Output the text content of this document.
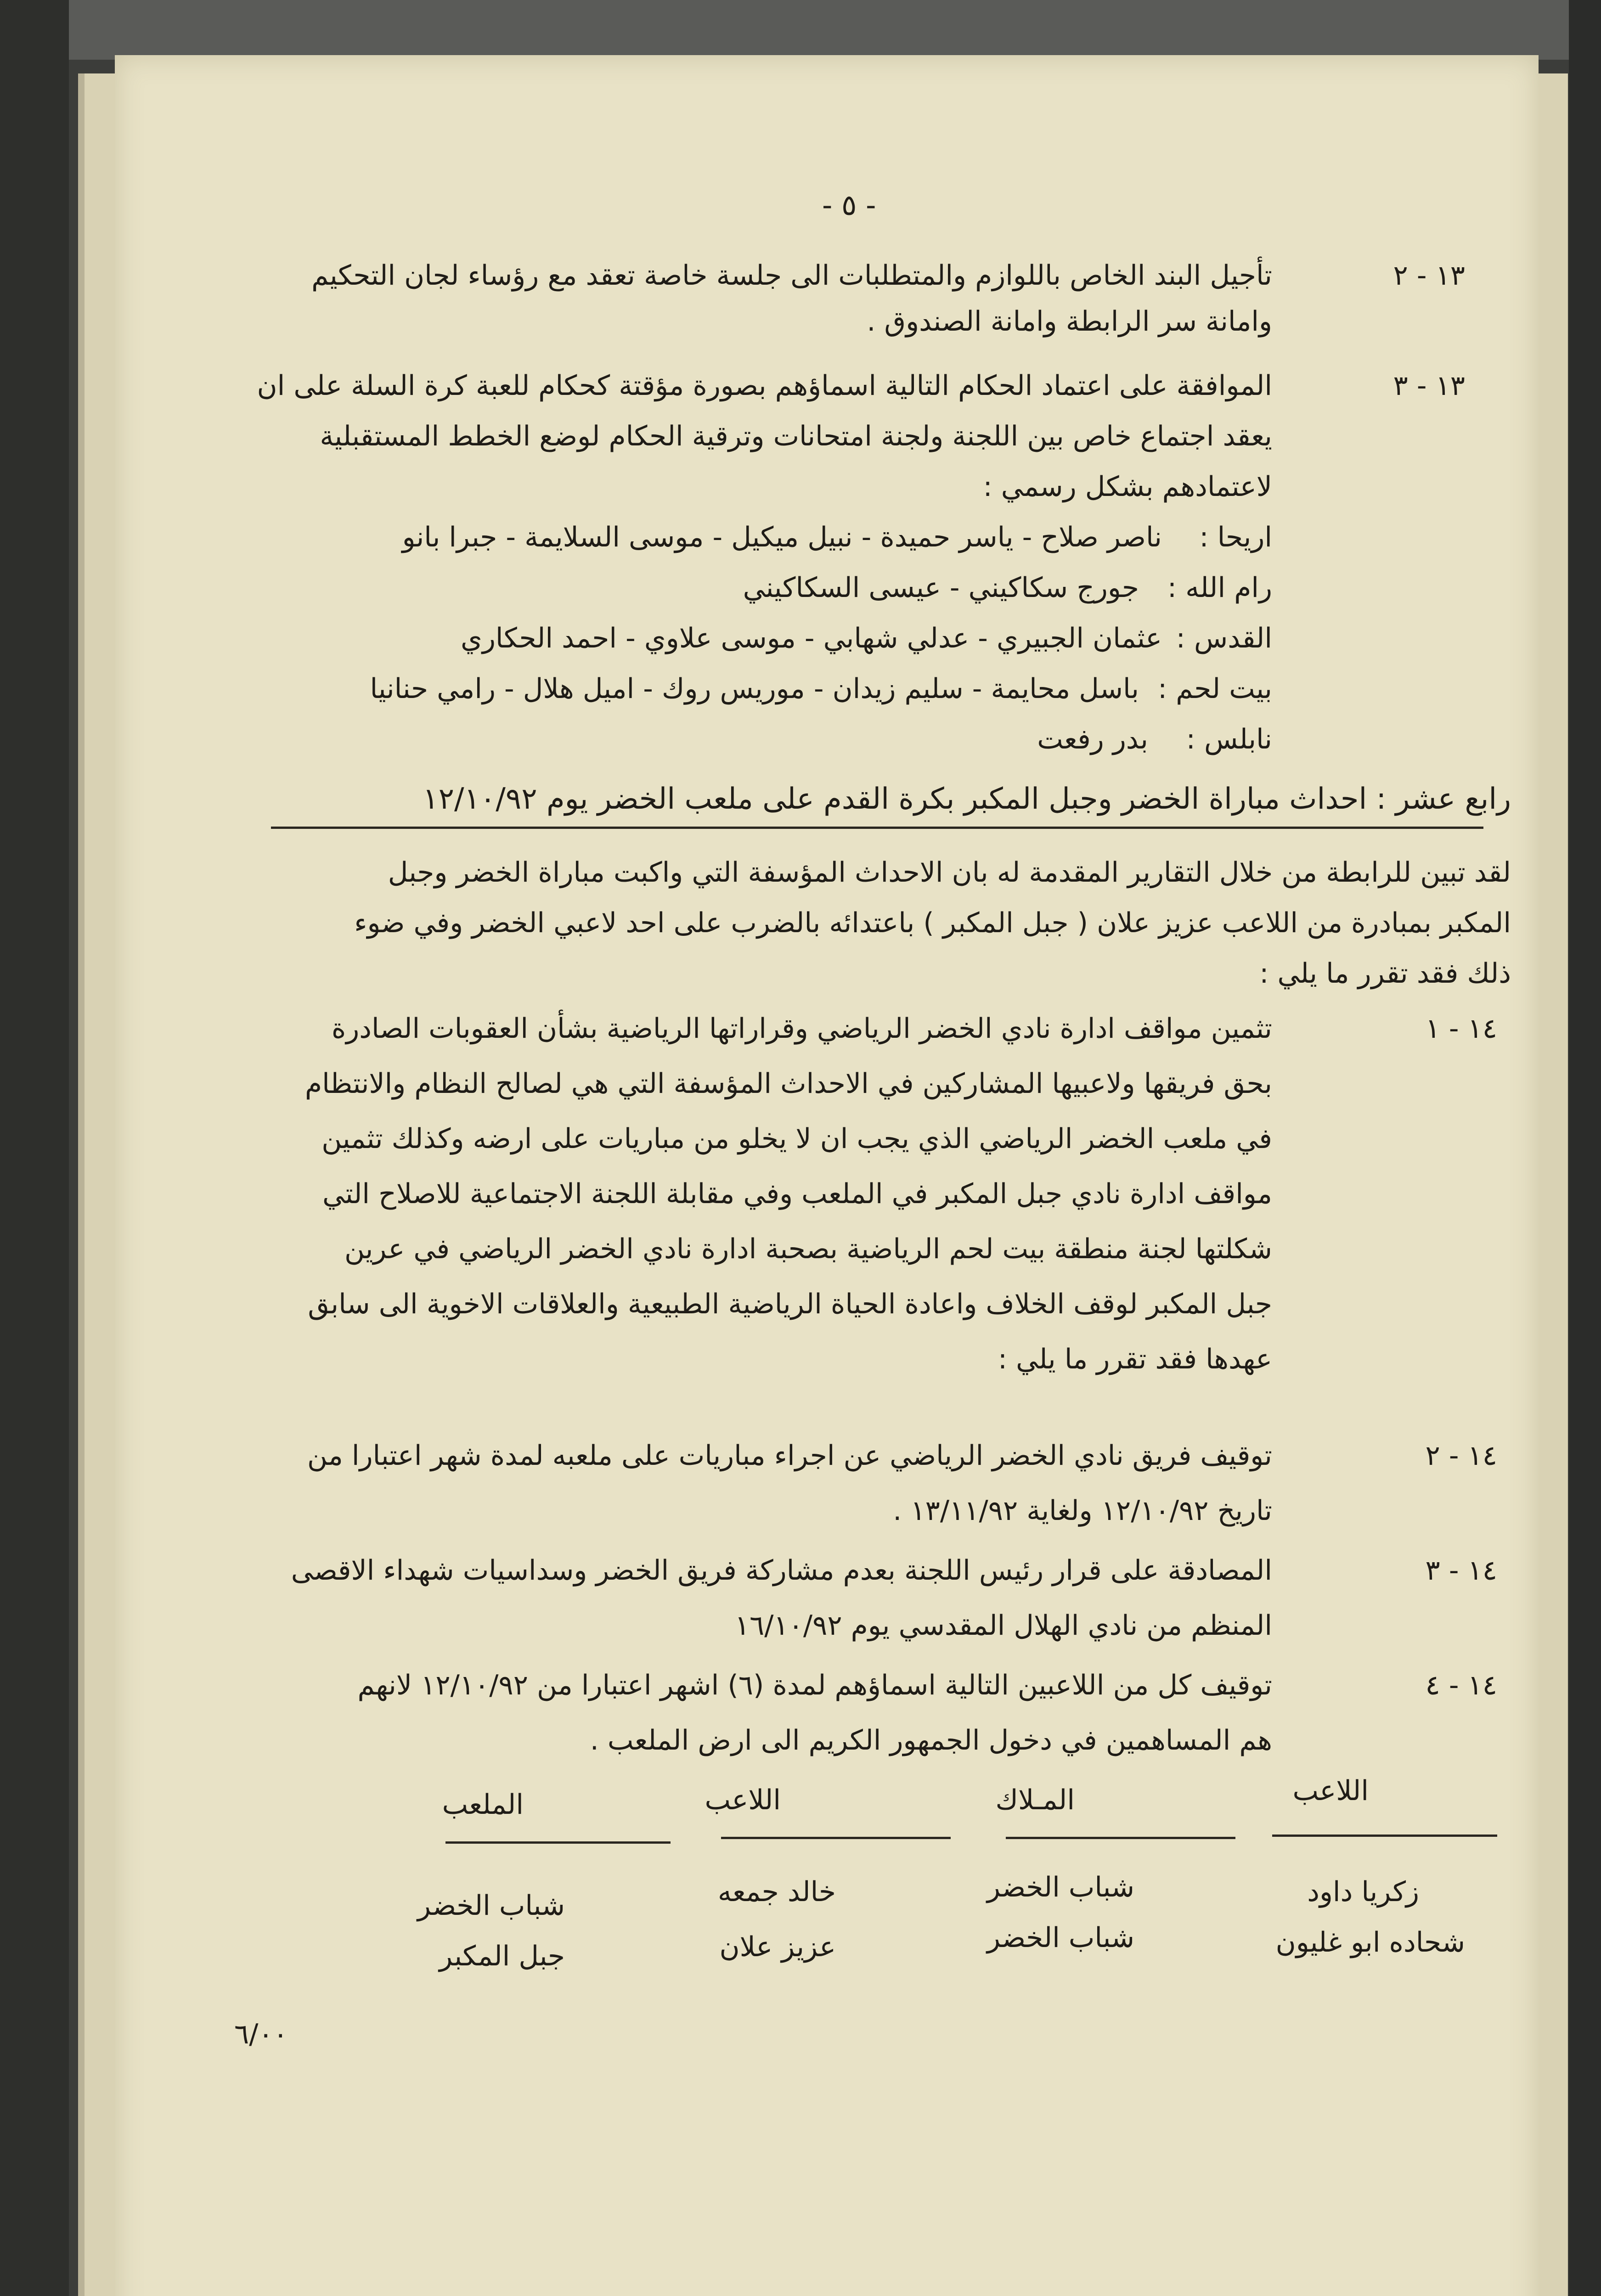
- ٥ -
١٣ - ٢
تأجيل البند الخاص باللوازم والمتطلبات الى جلسة خاصة تعقد مع رؤساء لجان التحكيم
وامانة سر الرابطة وامانة الصندوق .
١٣ - ٣
الموافقة على اعتماد الحكام التالية اسماؤهم بصورة مؤقتة كحكام للعبة كرة السلة على ان
يعقد اجتماع خاص بين اللجنة ولجنة امتحانات وترقية الحكام لوضع الخطط المستقبلية
لاعتمادهم بشكل رسمي :
اريحا :
ناصر صلاح - ياسر حميدة - نبيل ميكيل - موسى السلايمة - جبرا بانو
رام الله :
جورج سكاكيني - عيسى السكاكيني
القدس :
عثمان الجبيري - عدلي شهابي - موسى علاوي - احمد الحكاري
بيت لحم :
باسل محايمة - سليم زيدان - موريس روك - اميل هلال - رامي حنانيا
نابلس :
بدر رفعت
رابع عشر : احداث مباراة الخضر وجبل المكبر بكرة القدم على ملعب الخضر يوم ١٢/١٠/٩٢
لقد تبين للرابطة من خلال التقارير المقدمة له بان الاحداث المؤسفة التي واكبت مباراة الخضر وجبل
المكبر بمبادرة من اللاعب عزيز علان ( جبل المكبر ) باعتدائه بالضرب على احد لاعبي الخضر وفي ضوء
ذلك فقد تقرر ما يلي :
١٤ - ١
تثمين مواقف ادارة نادي الخضر الرياضي وقراراتها الرياضية بشأن العقوبات الصادرة
بحق فريقها ولاعبيها المشاركين في الاحداث المؤسفة التي هي لصالح النظام والانتظام
في ملعب الخضر الرياضي الذي يجب ان لا يخلو من مباريات على ارضه وكذلك تثمين
مواقف ادارة نادي جبل المكبر في الملعب وفي مقابلة اللجنة الاجتماعية للاصلاح التي
شكلتها لجنة منطقة بيت لحم الرياضية بصحبة ادارة نادي الخضر الرياضي في عرين
جبل المكبر لوقف الخلاف واعادة الحياة الرياضية الطبيعية والعلاقات الاخوية الى سابق
عهدها فقد تقرر ما يلي :
١٤ - ٢
توقيف فريق نادي الخضر الرياضي عن اجراء مباريات على ملعبه لمدة شهر اعتبارا من
تاريخ ١٢/١٠/٩٢ ولغاية ١٣/١١/٩٢ .
١٤ - ٣
المصادقة على قرار رئيس اللجنة بعدم مشاركة فريق الخضر وسداسيات شهداء الاقصى
المنظم من نادي الهلال المقدسي يوم ١٦/١٠/٩٢
١٤ - ٤
توقيف كل من اللاعبين التالية اسماؤهم لمدة (٦) اشهر اعتبارا من ١٢/١٠/٩٢ لانهم
هم المساهمين في دخول الجمهور الكريم الى ارض الملعب .
اللاعب
المـلاك
اللاعب
الملعب
زكريا داود
شباب الخضر
خالد جمعه
شباب الخضر
شحاده ابو غليون
شباب الخضر
عزيز علان
جبل المكبر
٦/٠٠
